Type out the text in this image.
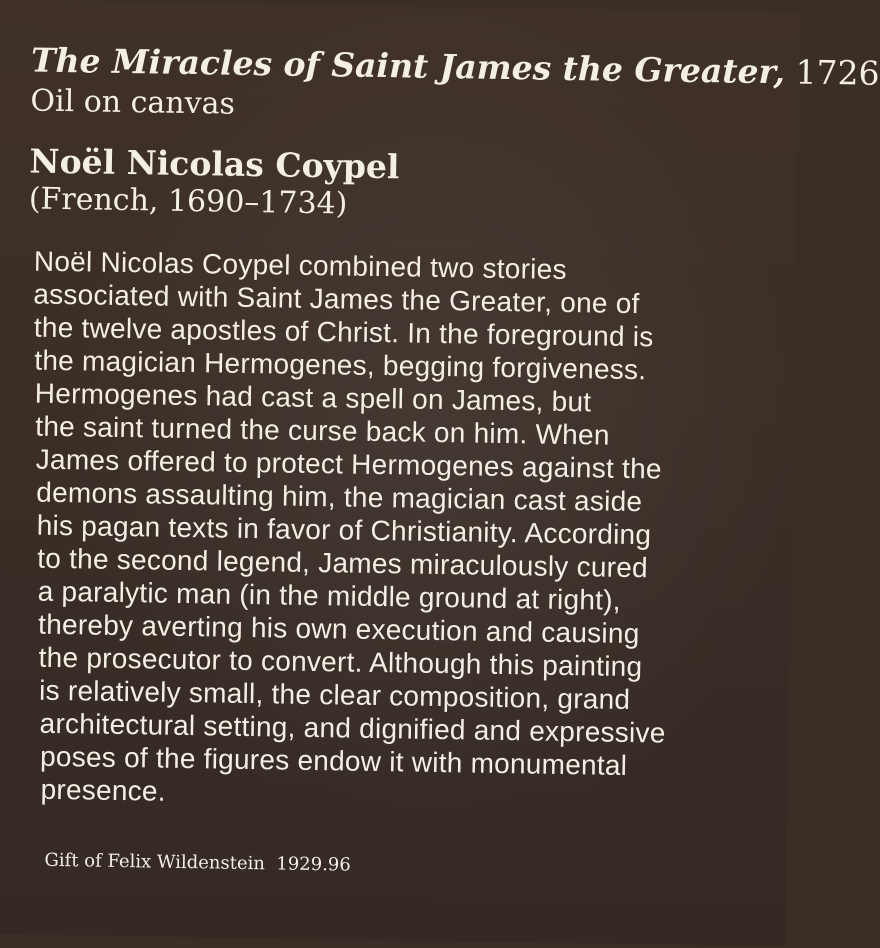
The Miracles of Saint James the Greater, 1726
Oil on canvas
Noël Nicolas Coypel
(French, 1690–1734)
Noël Nicolas Coypel combined two stories
associated with Saint James the Greater, one of
the twelve apostles of Christ. In the foreground is
the magician Hermogenes, begging forgiveness.
Hermogenes had cast a spell on James, but
the saint turned the curse back on him. When
James offered to protect Hermogenes against the
demons assaulting him, the magician cast aside
his pagan texts in favor of Christianity. According
to the second legend, James miraculously cured
a paralytic man (in the middle ground at right),
thereby averting his own execution and causing
the prosecutor to convert. Although this painting
is relatively small, the clear composition, grand
architectural setting, and dignified and expressive
poses of the figures endow it with monumental
presence.
Gift of Felix Wildenstein  1929.96
